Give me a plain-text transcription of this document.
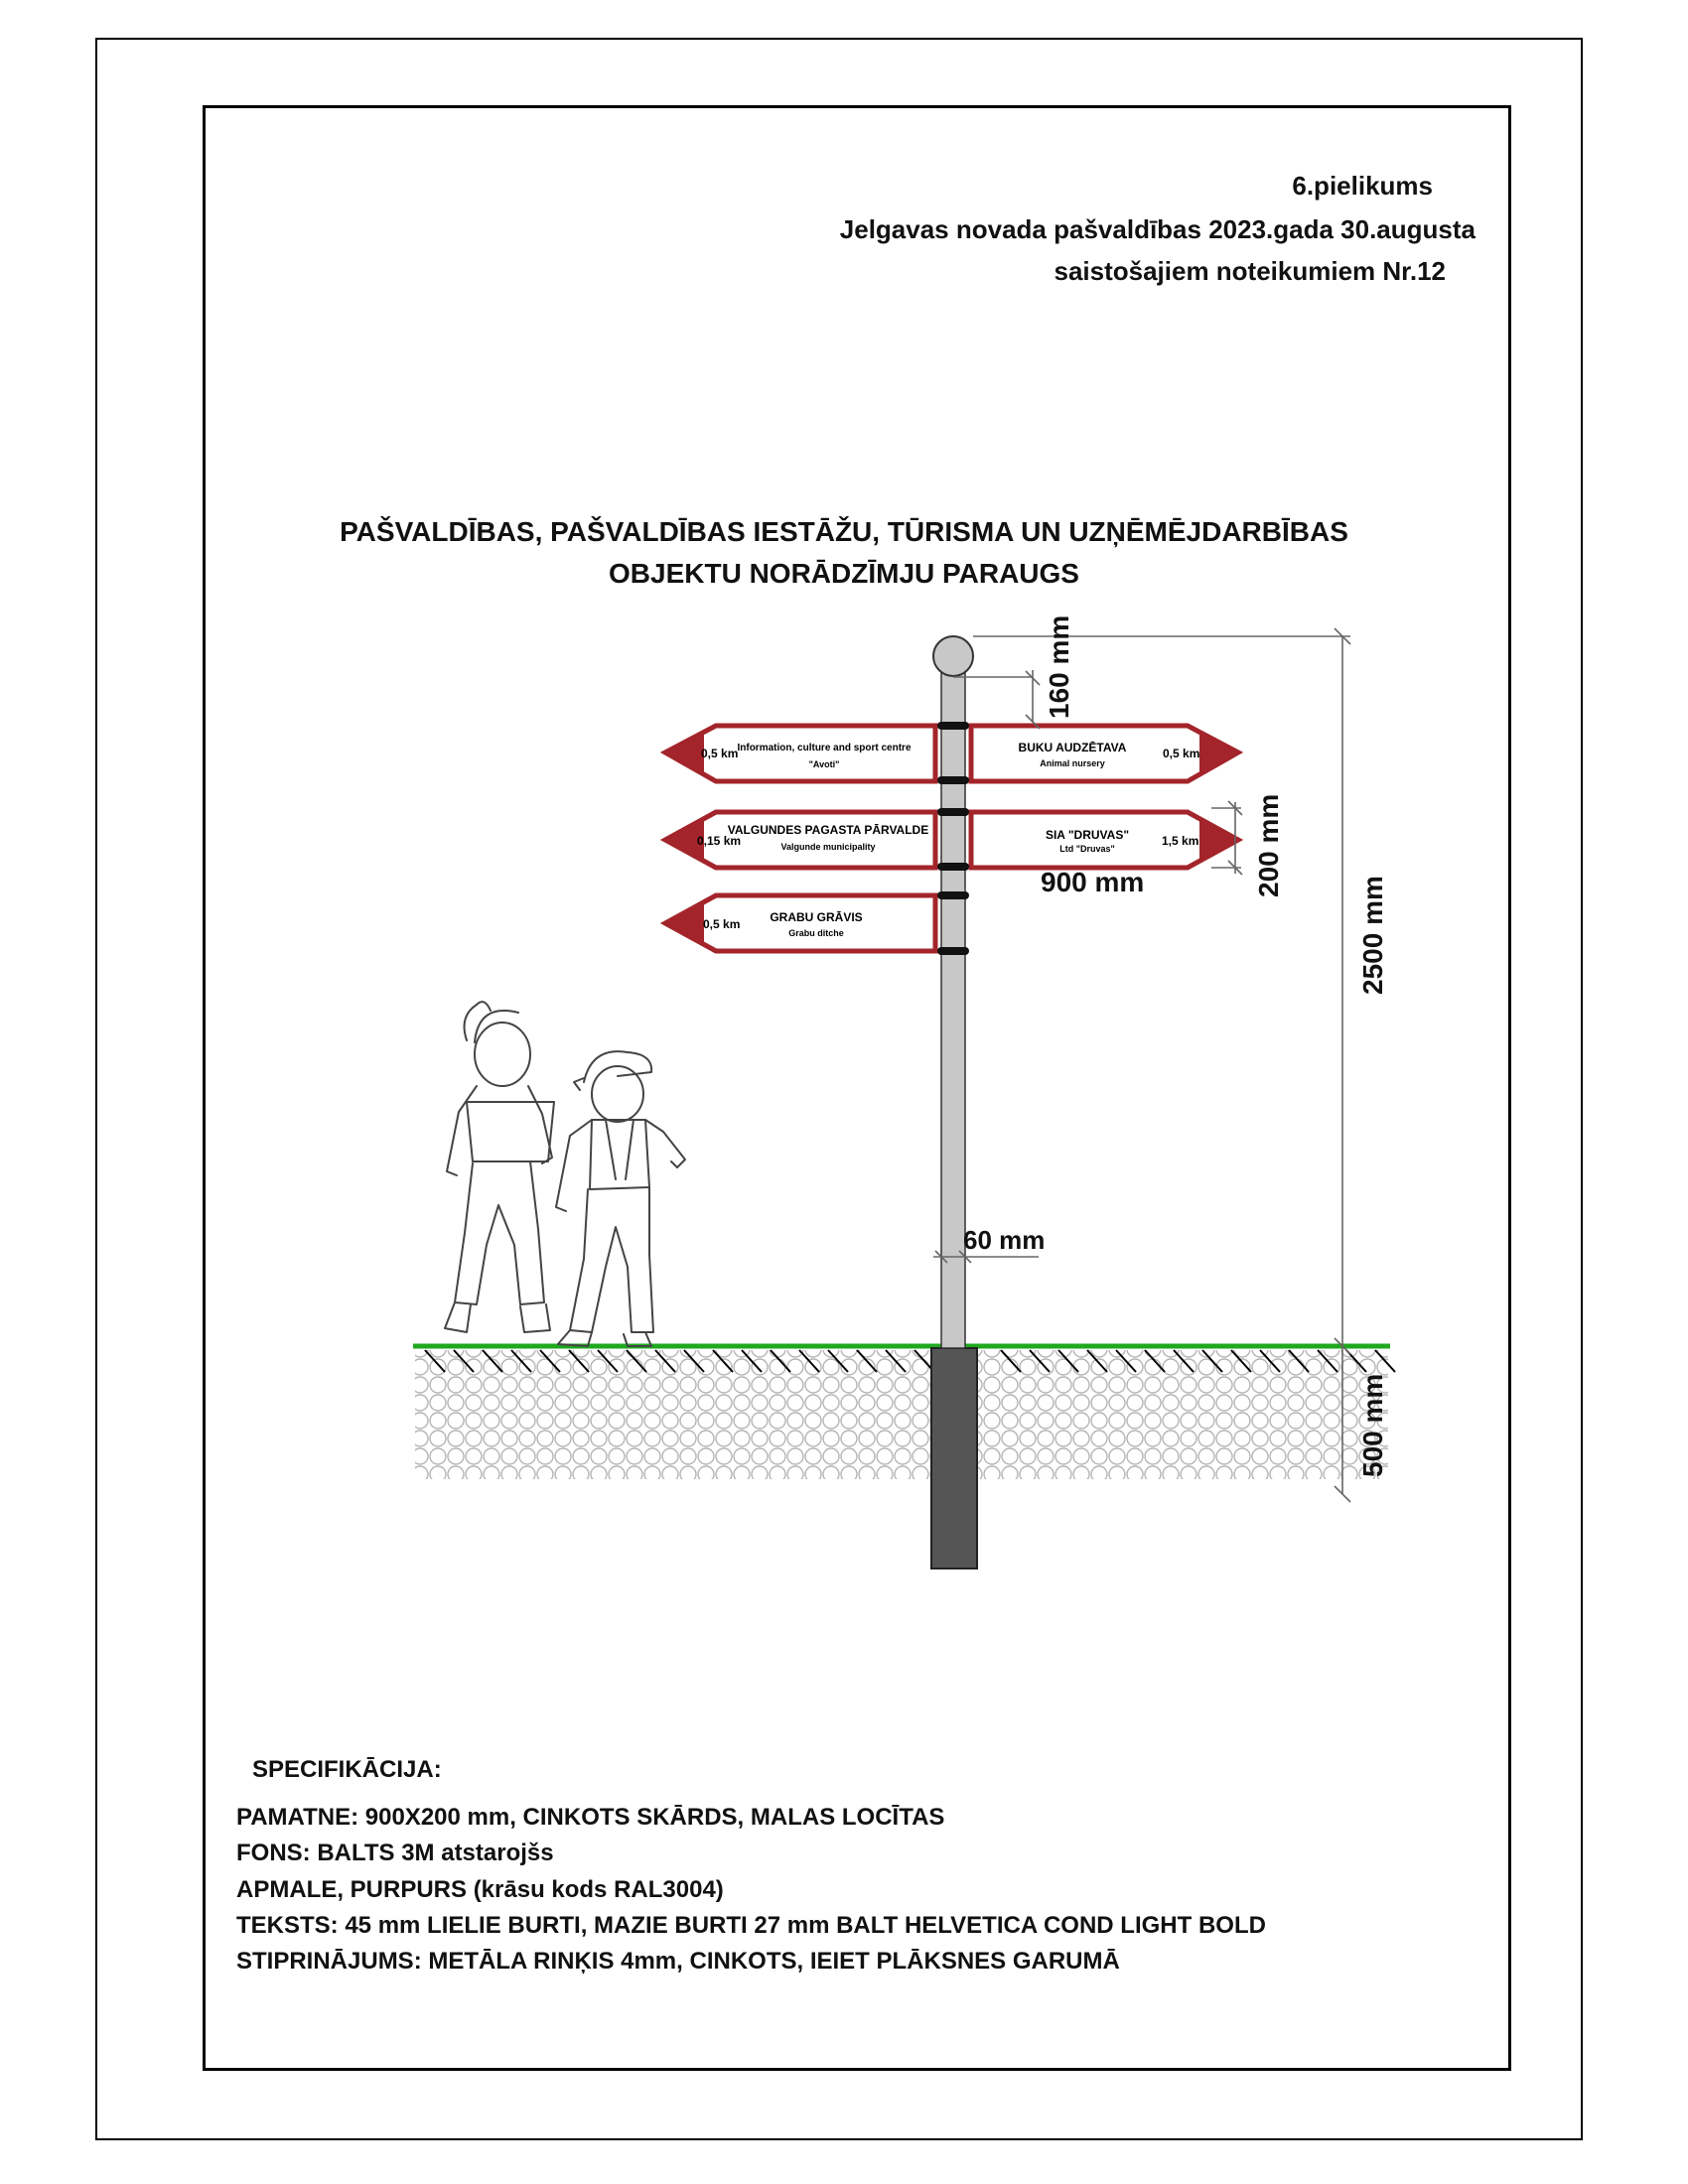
6.pielikums
Jelgavas novada pašvaldības 2023.gada 30.augusta
saistošajiem noteikumiem Nr.12
PAŠVALDĪBAS, PAŠVALDĪBAS IESTĀŽU, TŪRISMA UN UZŅĒMĒJDARBĪBAS
OBJEKTU NORĀDZĪMJU PARAUGS
0,5 km Information, culture and sport centre
"Avoti"
BUKU AUDZĒTAVA
Animal nursery
0,5 km
0,15 km
VALGUNDES PAGASTA PĀRVALDE
Valgunde municipality
SIA "DRUVAS"
Ltd "Druvas"
1,5 km
0,5 km GRABU GRĀVIS
Grabu ditche
160 mm
200 mm
900 mm	2500 mm
60 mm
500 mm
SPECIFIKĀCIJA:
PAMATNE: 900X200 mm, CINKOTS SKĀRDS, MALAS LOCĪTAS
FONS: BALTS 3M atstarojšs
APMALE, PURPURS (krāsu kods RAL3004)
TEKSTS: 45 mm LIELIE BURTI, MAZIE BURTI 27 mm BALT HELVETICA COND LIGHT BOLD
STIPRINĀJUMS: METĀLA RINĶIS 4mm, CINKOTS, IEIET PLĀKSNES GARUMĀ
